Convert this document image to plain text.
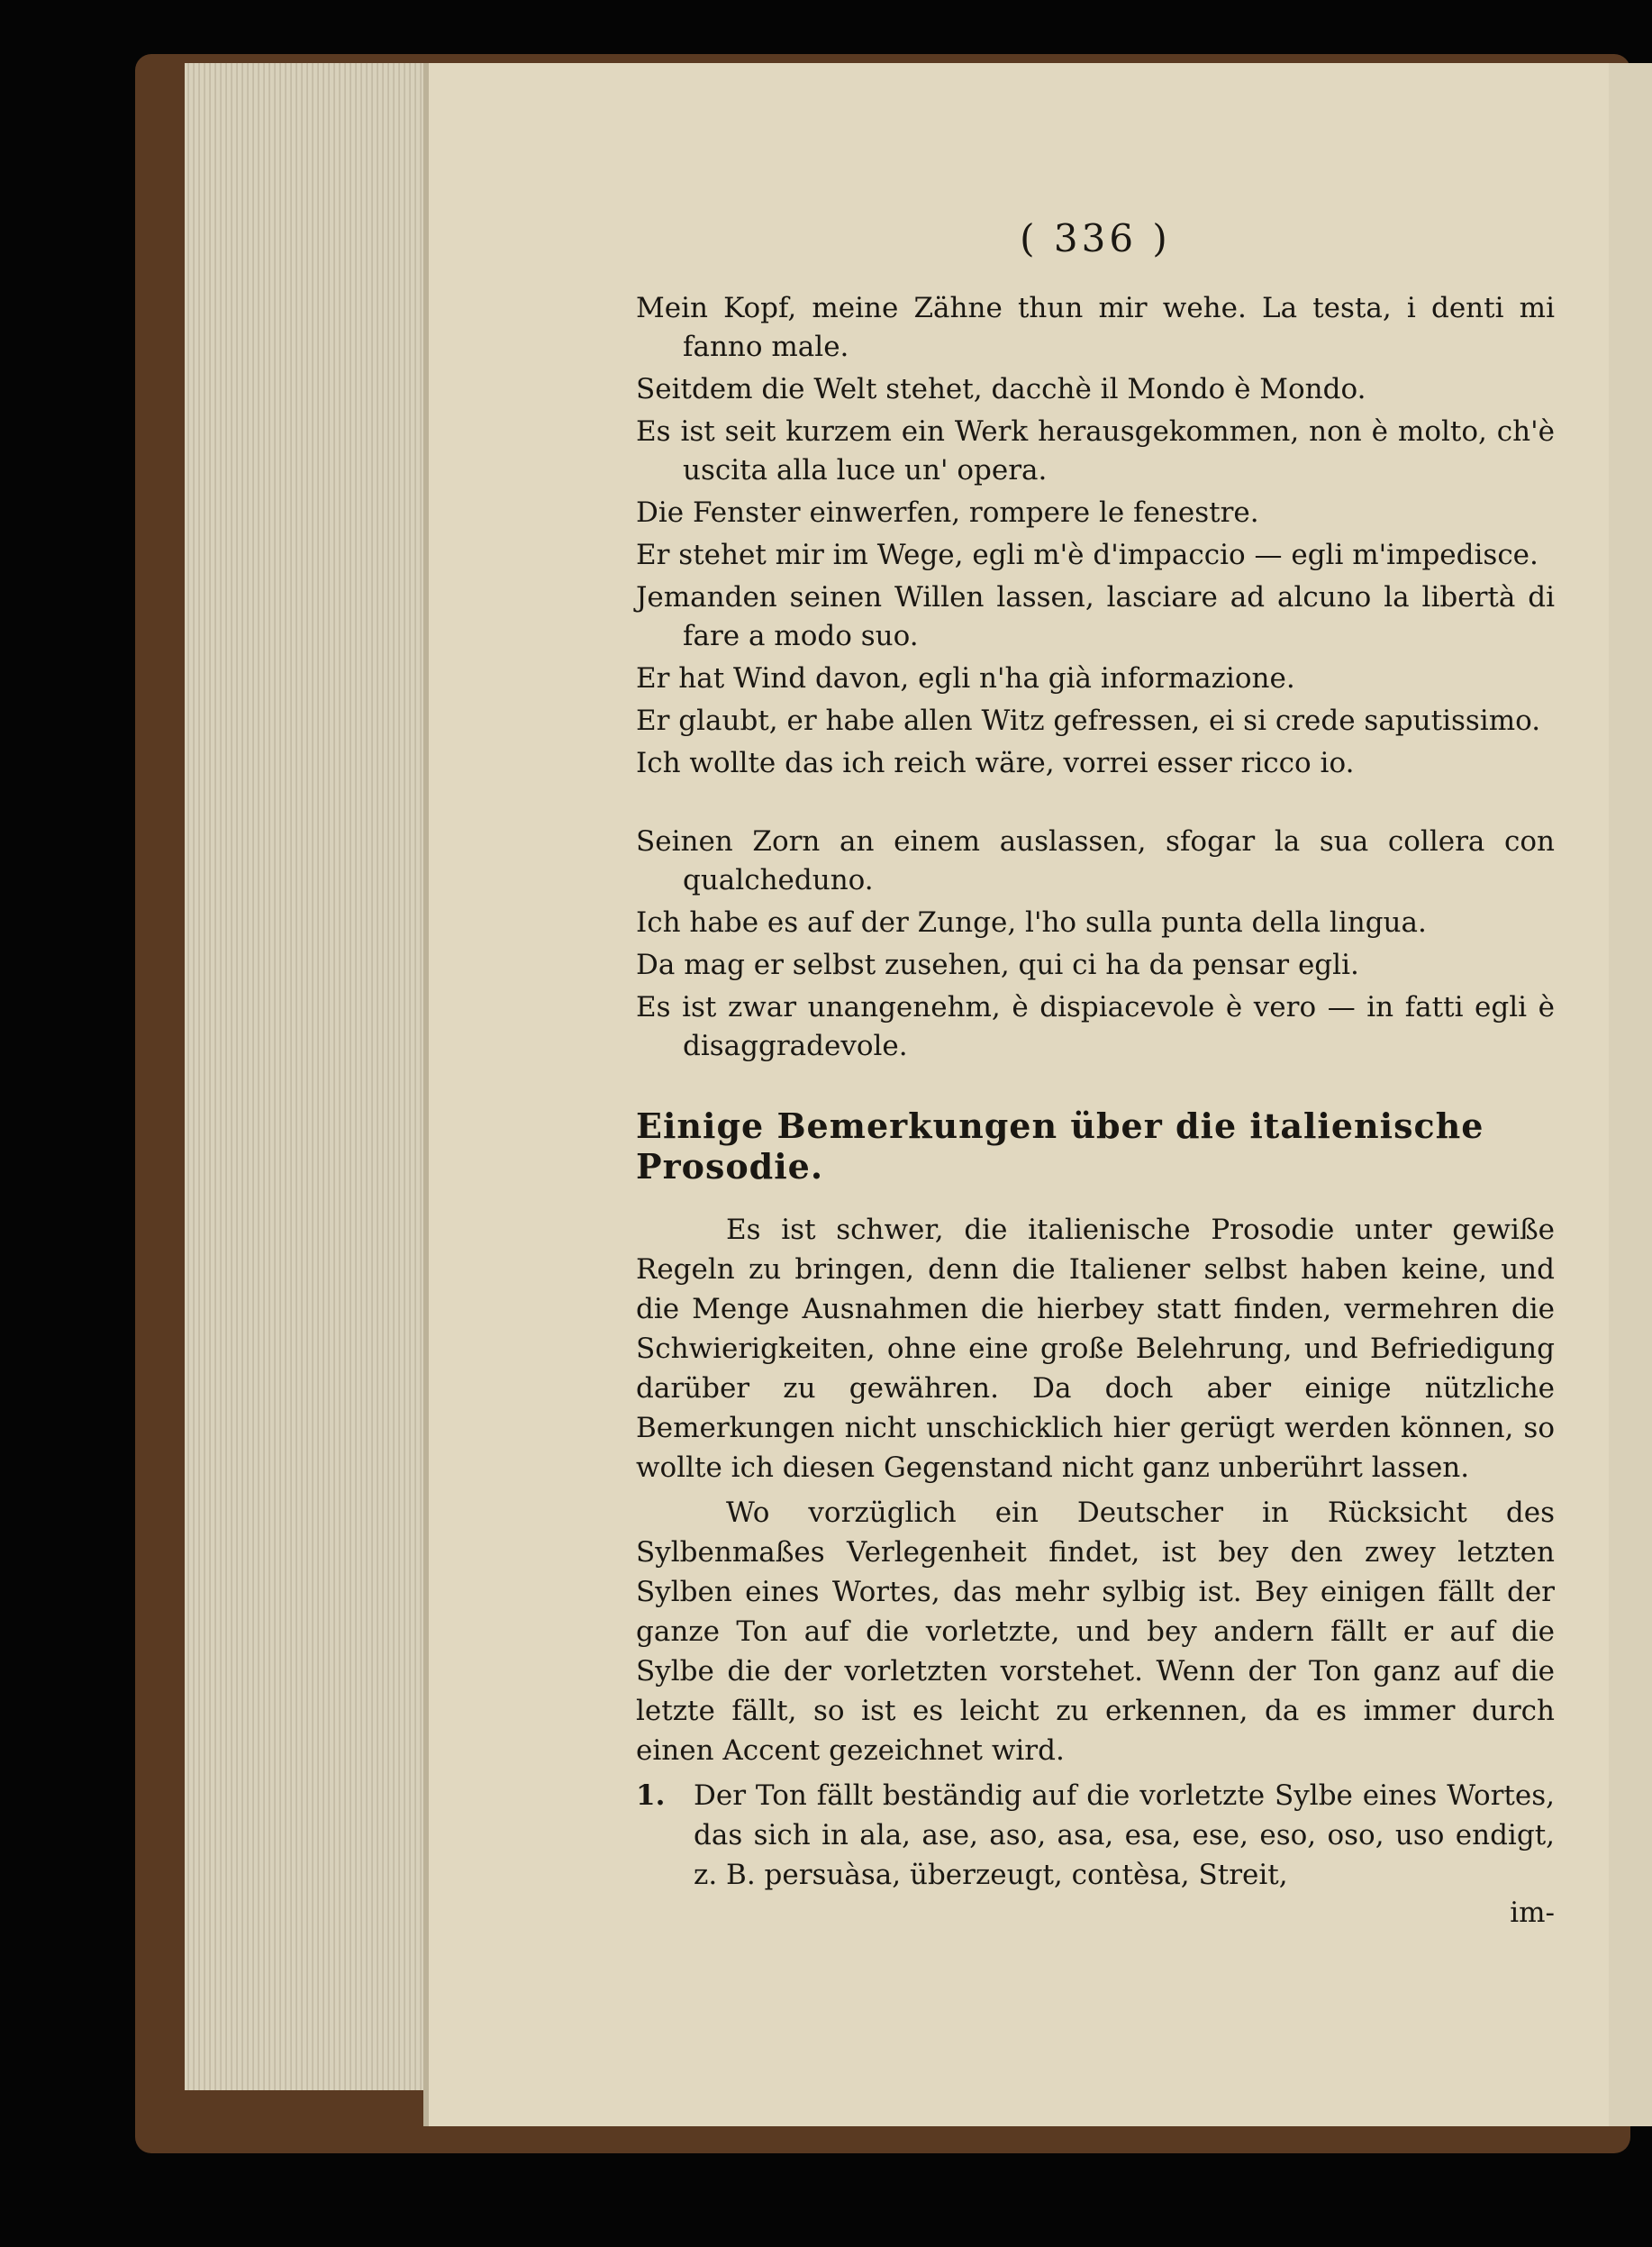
( 336 )

Mein Kopf, meine Zähne thun mir wehe. La testa, i denti mi fanno male.

Seitdem die Welt stehet, dacchè il Mondo è Mondo.

Es ist seit kurzem ein Werk herausgekommen, non è molto, ch'è uscita alla luce un' opera.

Die Fenster einwerfen, rompere le fenestre.

Er stehet mir im Wege, egli m'è d'impaccio — egli m'impedisce.

Jemanden seinen Willen lassen, lasciare ad alcuno la libertà di fare a modo suo.

Er hat Wind davon, egli n'ha già informazione.

Er glaubt, er habe allen Witz gefressen, ei si crede saputissimo.

Ich wollte das ich reich wäre, vorrei esser ricco io.

Seinen Zorn an einem auslassen, sfogar la sua collera con qualcheduno.

Ich habe es auf der Zunge, l'ho sulla punta della lingua.

Da mag er selbst zusehen, qui ci ha da pensar egli.

Es ist zwar unangenehm, è dispiacevole è vero — in fatti egli è disaggradevole.

Einige Bemerkungen über die italienische Prosodie.

Es ist schwer, die italienische Prosodie unter gewiße Regeln zu bringen, denn die Italiener selbst haben keine, und die Menge Ausnahmen die hierbey statt finden, vermehren die Schwierigkeiten, ohne eine große Belehrung, und Befriedigung darüber zu gewähren. Da doch aber einige nützliche Bemerkungen nicht unschicklich hier gerügt werden können, so wollte ich diesen Gegenstand nicht ganz unberührt lassen.

Wo vorzüglich ein Deutscher in Rücksicht des Sylbenmaßes Verlegenheit findet, ist bey den zwey letzten Sylben eines Wortes, das mehr sylbig ist. Bey einigen fällt der ganze Ton auf die vorletzte, und bey andern fällt er auf die Sylbe die der vorletzten vorstehet. Wenn der Ton ganz auf die letzte fällt, so ist es leicht zu erkennen, da es immer durch einen Accent gezeichnet wird.

1.	Der Ton fällt beständig auf die vorletzte Sylbe eines Wortes, das sich in ala, ase, aso, asa, esa, ese, eso, oso, uso endigt, z. B. persuàsa, überzeugt, contèsa, Streit,
im-
